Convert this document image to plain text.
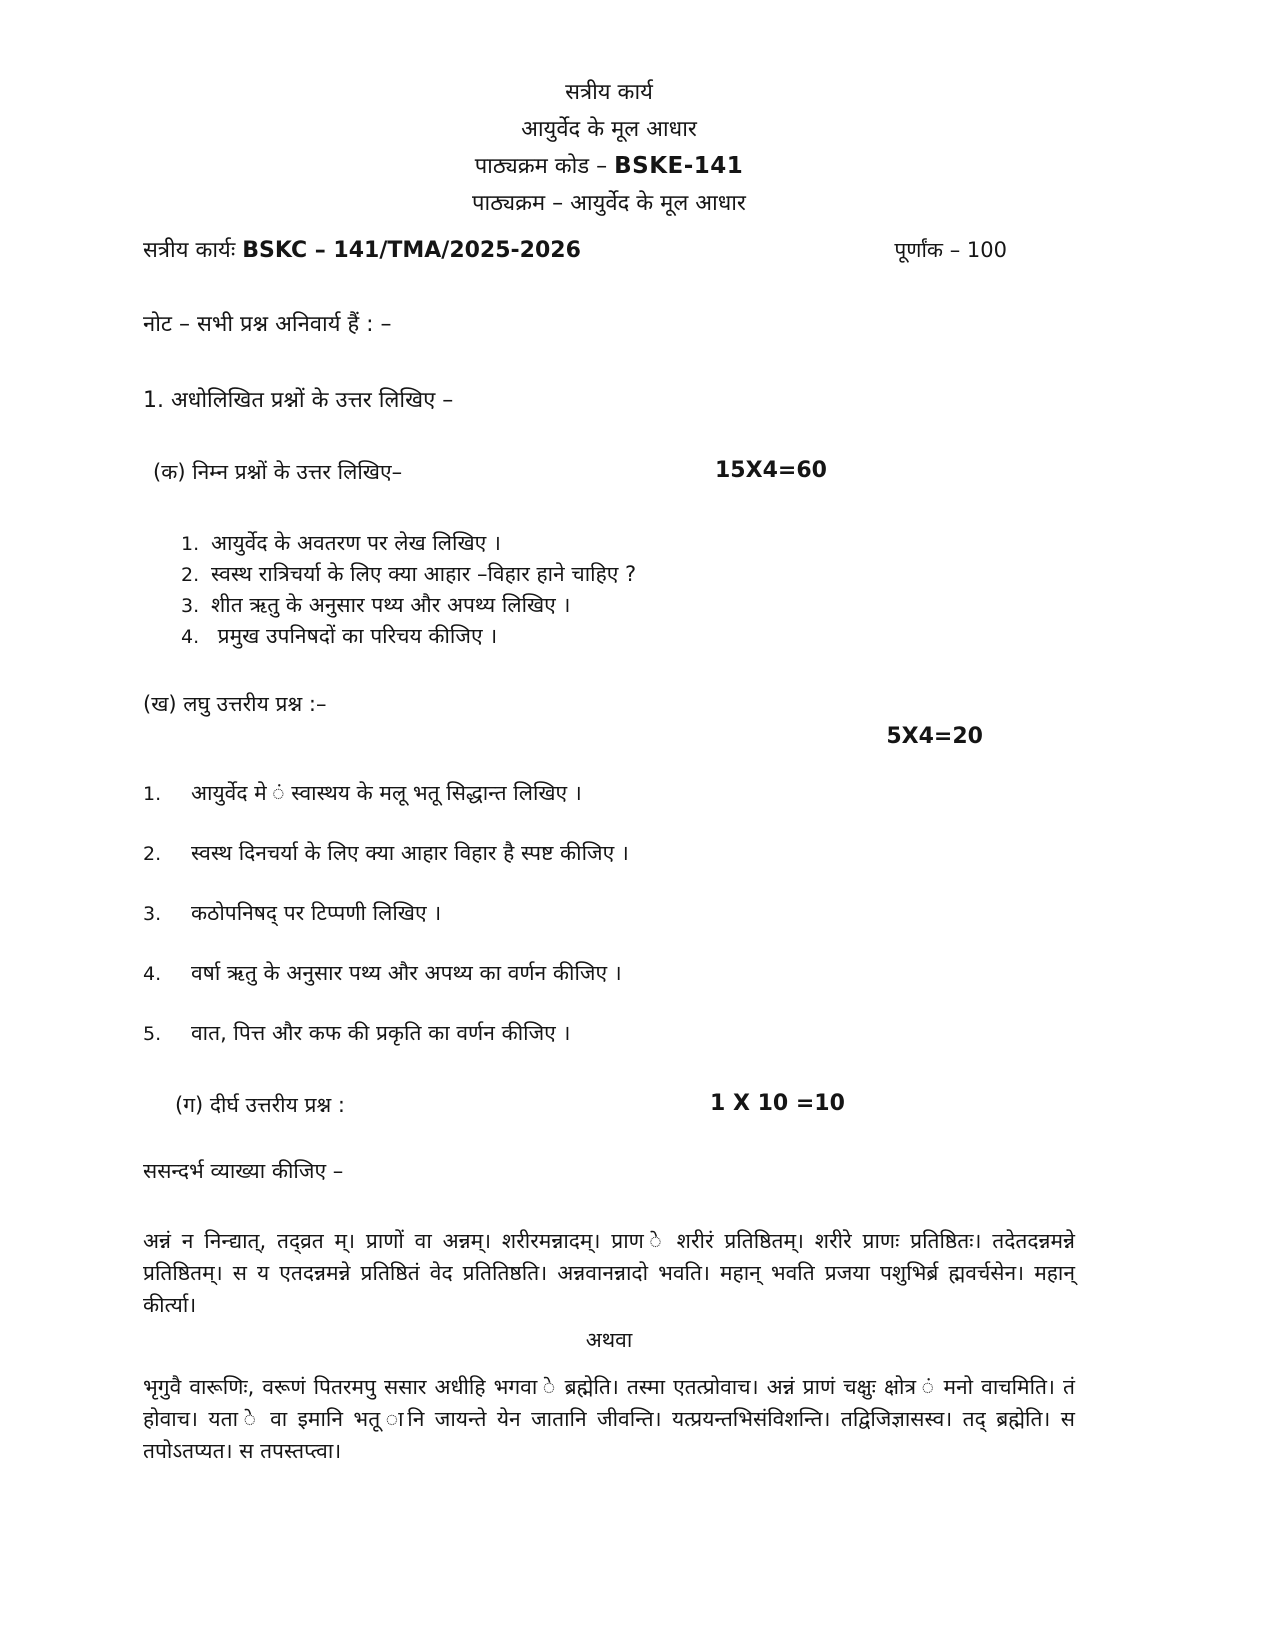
सत्रीय कार्य
आयुर्वेद के मूल आधार
पाठ्यक्रम कोड – BSKE-141
पाठ्यक्रम – आयुर्वेद के मूल आधार
सत्रीय कार्यः BSKC – 141/TMA/2025-2026	पूर्णांक – 100
नोट – सभी प्रश्न अनिवार्य हैं : –
1. अधोलिखित प्रश्नों के उत्तर लिखिए –
(क) निम्न प्रश्नों के उत्तर लिखिए–	15X4=60
1. आयुर्वेद के अवतरण पर लेख लिखिए ।
2. स्वस्थ रात्रिचर्या के लिए क्या आहार –विहार हाने चाहिए ?
3. शीत ऋतु के अनुसार पथ्य और अपथ्य लिखिए ।
4. प्रमुख उपनिषदों का परिचय कीजिए ।
(ख) लघु उत्तरीय प्रश्न :–
5X4=20
1. आयुर्वेद मे ं स्वास्थय के मलू भतू सिद्धान्त लिखिए ।
2. स्वस्थ दिनचर्या के लिए क्या आहार विहार है स्पष्ट कीजिए ।
3. कठोपनिषद् पर टिप्पणी लिखिए ।
4. वर्षा ऋतु के अनुसार पथ्य और अपथ्य का वर्णन कीजिए ।
5. वात, पित्त और कफ की प्रकृति का वर्णन कीजिए ।
(ग) दीर्घ उत्तरीय प्रश्न :	1 X 10 =10
ससन्दर्भ व्याख्या कीजिए –
अन्नं न निन्द्यात्, तद्व्रत म्। प्राणों वा अन्नम्। शरीरमन्नादम्। प्राण े शरीरं प्रतिष्ठितम्। शरीरे प्राणः प्रतिष्ठितः। तदेतदन्नमन्ने प्रतिष्ठितम्। स य एतदन्नमन्ने प्रतिष्ठितं वेद प्रतितिष्ठति। अन्नवानन्नादो भवति। महान् भवति प्रजया पशुभिर्ब्र ह्मवर्चसेन। महान् कीर्त्या।
अथवा
भृगुवै वारूणिः, वरूणं पितरमपु ससार अधीहि भगवा े ब्रह्मेति। तस्मा एतत्प्रोवाच। अन्नं प्राणं चक्षुः क्षोत्र ं मनो वाचमिति। तं होवाच। यता े वा इमानि भतू ानि जायन्ते येन जातानि जीवन्ति। यत्प्रयन्तभिसंविशन्ति। तद्विजिज्ञासस्व। तद् ब्रह्मेति। स तपोऽतप्यत। स तपस्तप्त्वा।
